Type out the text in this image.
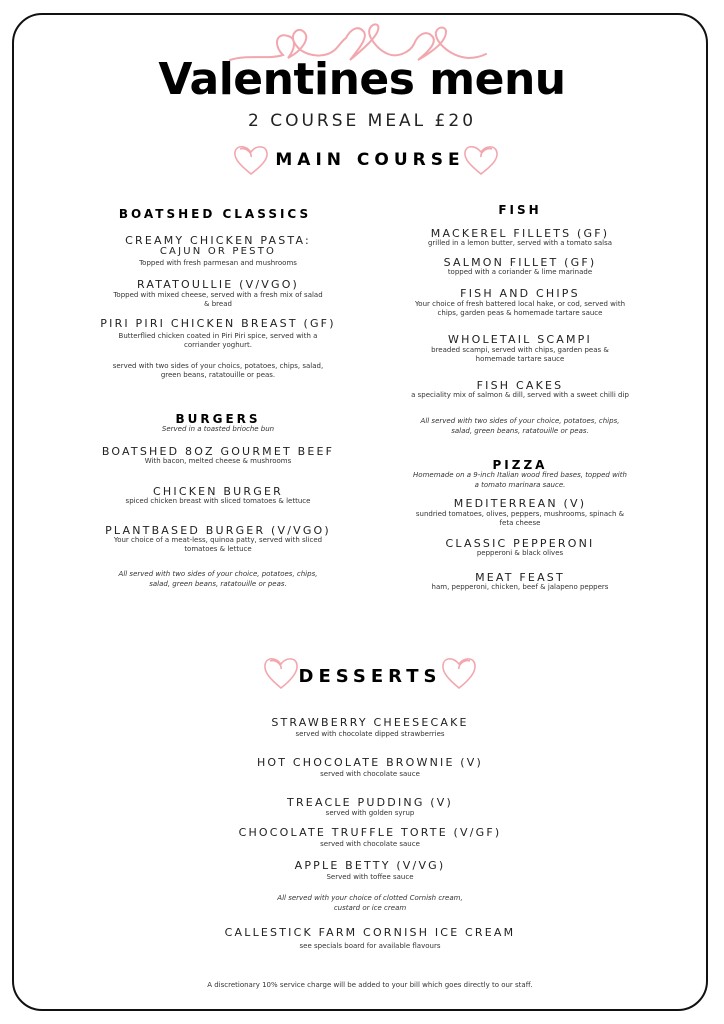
Valentines menu
2 COURSE MEAL £20
MAIN COURSE
BOATSHED CLASSICS
CREAMY CHICKEN PASTA:
CAJUN OR PESTO
Topped with fresh parmesan and mushrooms
RATATOULLIE (V/VGO)
Topped with mixed cheese, served with a fresh mix of salad & bread
PIRI PIRI CHICKEN BREAST (GF)
Butterflied chicken coated in Piri Piri spice, served with a corriander yoghurt.
served with two sides of your choics, potatoes, chips, salad, green beans, ratatouille or peas.
BURGERS
Served in a toasted brioche bun
BOATSHED 8OZ GOURMET BEEF
With bacon, melted cheese & mushrooms
CHICKEN BURGER
spiced chicken breast with sliced tomatoes & lettuce
PLANTBASED BURGER (V/VGO)
Your choice of a meat-less, quinoa patty, served with sliced tomatoes & lettuce
All served with two sides of your choice, potatoes, chips, salad, green beans, ratatouille or peas.
FISH
MACKEREL FILLETS (GF)
grilled in a lemon butter, served with a tomato salsa
SALMON FILLET (GF)
topped with a coriander & lime marinade
FISH AND CHIPS
Your choice of fresh battered local hake, or cod, served with chips, garden peas & homemade tartare sauce
WHOLETAIL SCAMPI
breaded scampi, served with chips, garden peas & homemade tartare sauce
FISH CAKES
a speciality mix of salmon & dill, served with a sweet chilli dip
All served with two sides of your choice, potatoes, chips, salad, green beans, ratatouille or peas.
PIZZA
Homemade on a 9-inch Italian wood fired bases, topped with a tomato marinara sauce.
MEDITERREAN (V)
sundried tomatoes, olives, peppers, mushrooms, spinach & feta cheese
CLASSIC PEPPERONI
pepperoni & black olives
MEAT FEAST
ham, pepperoni, chicken, beef & jalapeno peppers
DESSERTS
STRAWBERRY CHEESECAKE
served with chocolate dipped strawberries
HOT CHOCOLATE BROWNIE (V)
served with chocolate sauce
TREACLE PUDDING (V)
served with golden syrup
CHOCOLATE TRUFFLE TORTE (V/GF)
served with chocolate sauce
APPLE BETTY (V/VG)
Served with toffee sauce
All served with your choice of clotted Cornish cream, custard or ice cream
CALLESTICK FARM CORNISH ICE CREAM
see specials board for available flavours
A discretionary 10% service charge will be added to your bill which goes directly to our staff.
